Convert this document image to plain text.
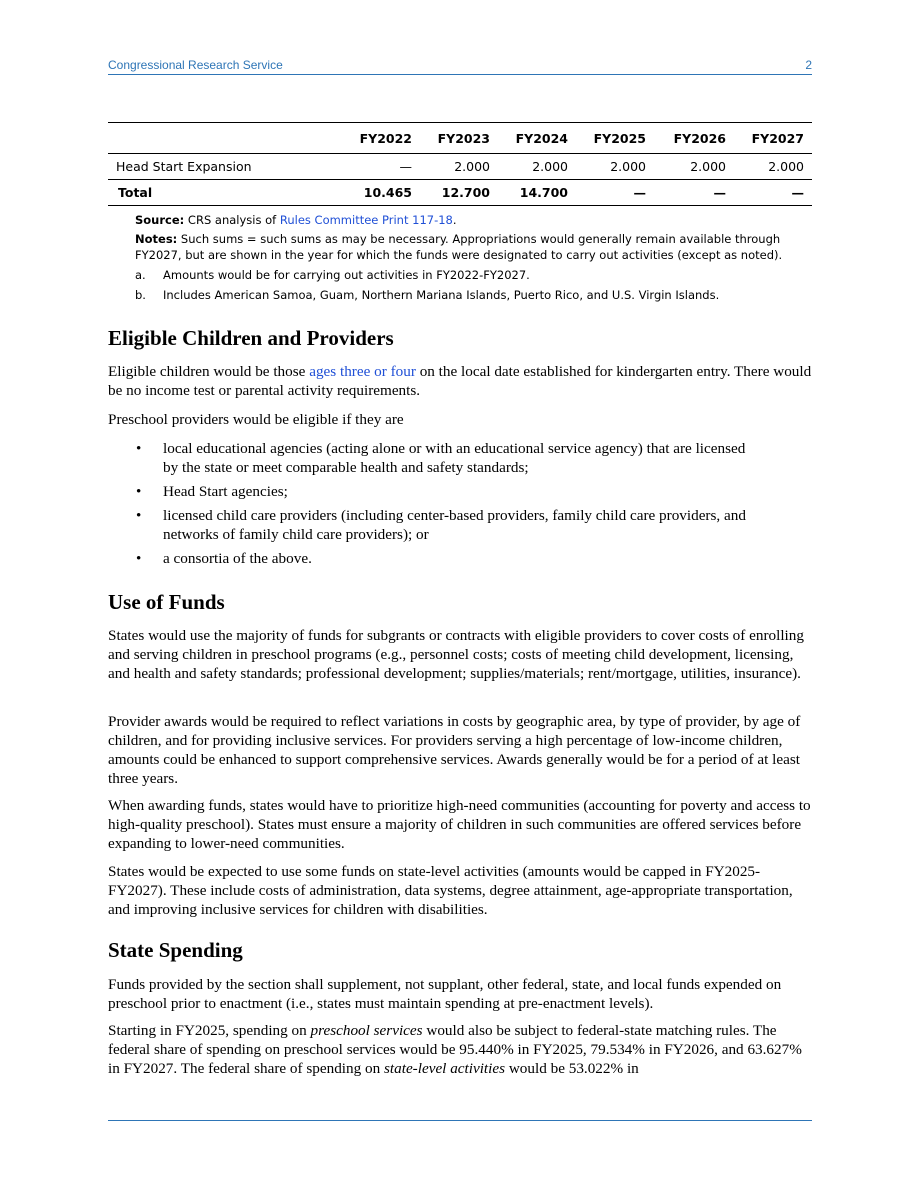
Congressional Research Service	2
	FY2022	FY2023	FY2024	FY2025	FY2026	FY2027
Head Start Expansion	—	2.000	2.000	2.000	2.000	2.000
Total	10.465	12.700	14.700	—	—	—
Source: CRS analysis of Rules Committee Print 117-18.
Notes: Such sums = such sums as may be necessary. Appropriations would generally remain available through FY2027, but are shown in the year for which the funds were designated to carry out activities (except as noted).
a. Amounts would be for carrying out activities in FY2022-FY2027.
b. Includes American Samoa, Guam, Northern Mariana Islands, Puerto Rico, and U.S. Virgin Islands.
Eligible Children and Providers

Eligible children would be those ages three or four on the local date established for kindergarten entry. There would be no income test or parental activity requirements.

Preschool providers would be eligible if they are

• local educational agencies (acting alone or with an educational service agency) that are licensed by the state or meet comparable health and safety standards;
• Head Start agencies;
• licensed child care providers (including center-based providers, family child care providers, and networks of family child care providers); or
• a consortia of the above.
Use of Funds

States would use the majority of funds for subgrants or contracts with eligible providers to cover costs of enrolling and serving children in preschool programs (e.g., personnel costs; costs of meeting child development, licensing, and health and safety standards; professional development; supplies/materials; rent/mortgage, utilities, insurance).

Provider awards would be required to reflect variations in costs by geographic area, by type of provider, by age of children, and for providing inclusive services. For providers serving a high percentage of low-income children, amounts could be enhanced to support comprehensive services. Awards generally would be for a period of at least three years.

When awarding funds, states would have to prioritize high-need communities (accounting for poverty and access to high-quality preschool). States must ensure a majority of children in such communities are offered services before expanding to lower-need communities.

States would be expected to use some funds on state-level activities (amounts would be capped in FY2025-FY2027). These include costs of administration, data systems, degree attainment, age-appropriate transportation, and improving inclusive services for children with disabilities.

State Spending

Funds provided by the section shall supplement, not supplant, other federal, state, and local funds expended on preschool prior to enactment (i.e., states must maintain spending at pre-enactment levels).

Starting in FY2025, spending on preschool services would also be subject to federal-state matching rules. The federal share of spending on preschool services would be 95.440% in FY2025, 79.534% in FY2026, and 63.627% in FY2027. The federal share of spending on state-level activities would be 53.022% in
